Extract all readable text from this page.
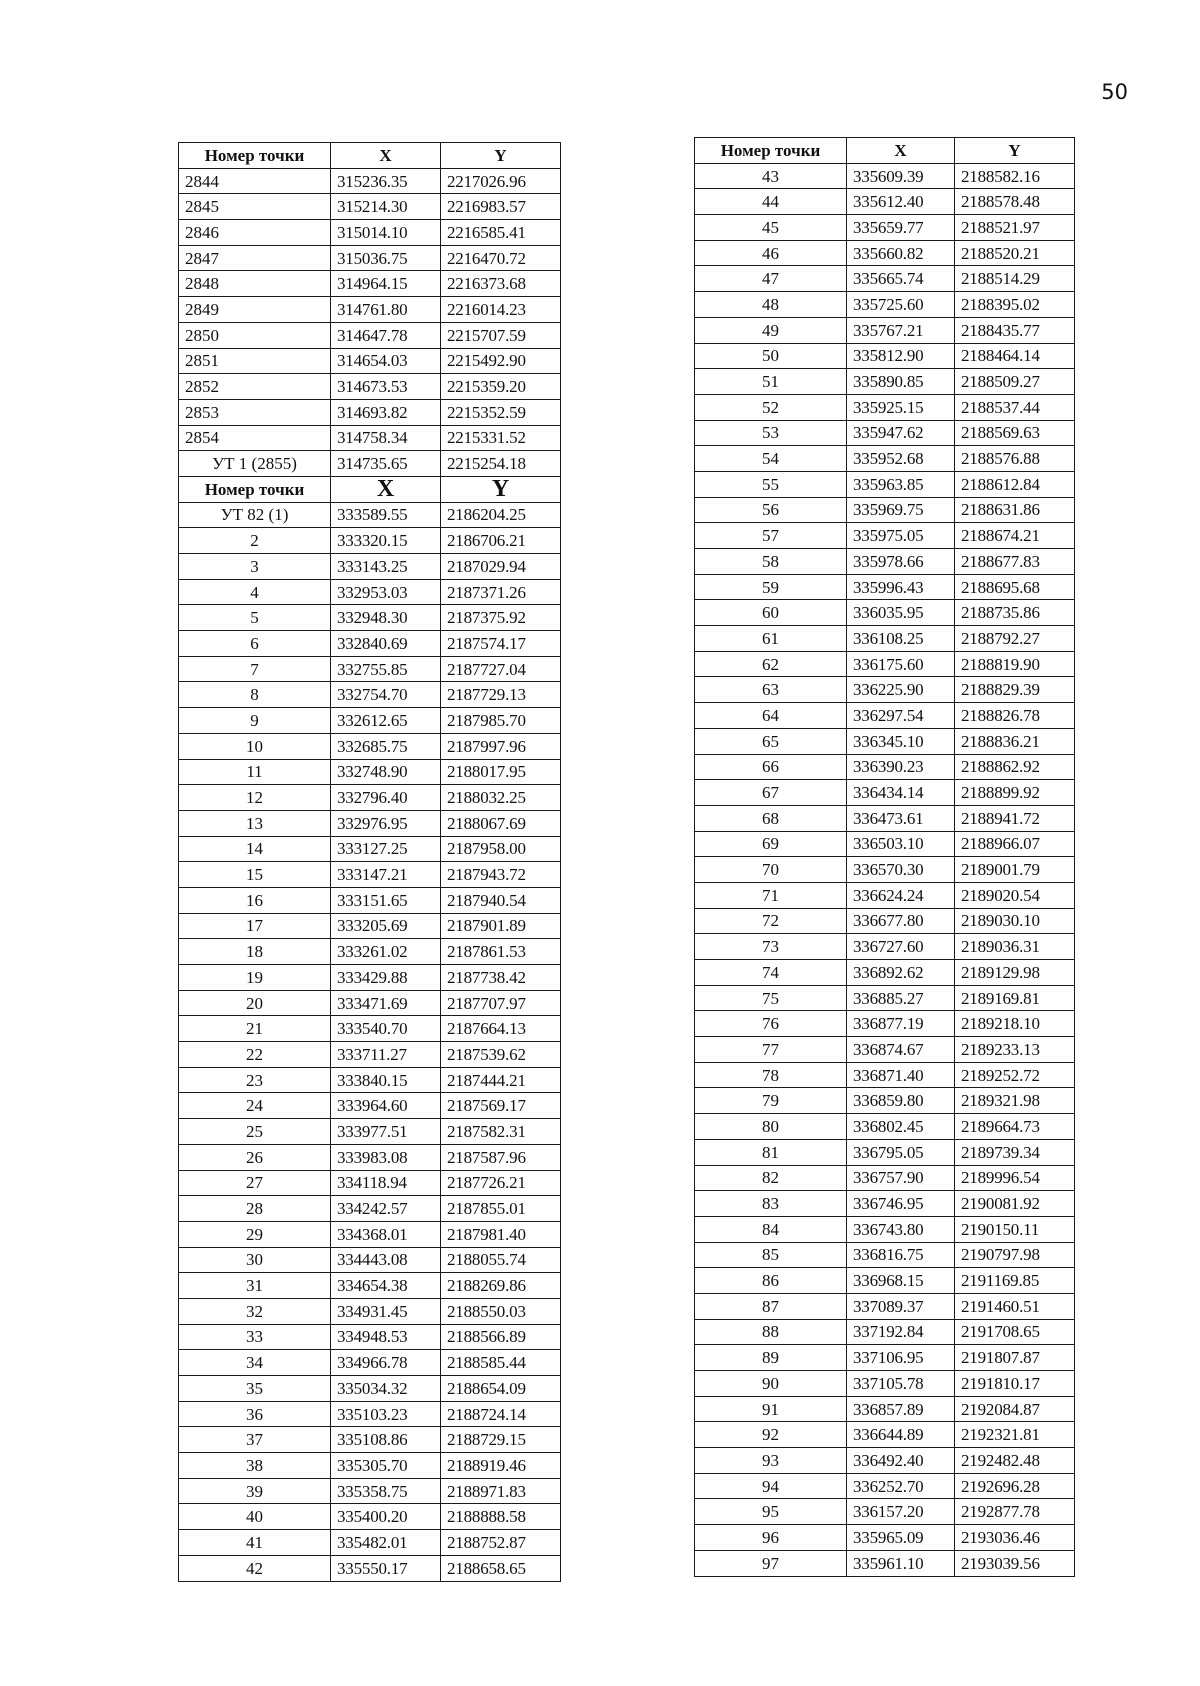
50
Номер точки	X	Y
2844	315236.35	2217026.96
2845	315214.30	2216983.57
2846	315014.10	2216585.41
2847	315036.75	2216470.72
2848	314964.15	2216373.68
2849	314761.80	2216014.23
2850	314647.78	2215707.59
2851	314654.03	2215492.90
2852	314673.53	2215359.20
2853	314693.82	2215352.59
2854	314758.34	2215331.52
УТ 1 (2855)	314735.65	2215254.18
Номер точки	X	Y
УТ 82 (1)	333589.55	2186204.25
2	333320.15	2186706.21
3	333143.25	2187029.94
4	332953.03	2187371.26
5	332948.30	2187375.92
6	332840.69	2187574.17
7	332755.85	2187727.04
8	332754.70	2187729.13
9	332612.65	2187985.70
10	332685.75	2187997.96
11	332748.90	2188017.95
12	332796.40	2188032.25
13	332976.95	2188067.69
14	333127.25	2187958.00
15	333147.21	2187943.72
16	333151.65	2187940.54
17	333205.69	2187901.89
18	333261.02	2187861.53
19	333429.88	2187738.42
20	333471.69	2187707.97
21	333540.70	2187664.13
22	333711.27	2187539.62
23	333840.15	2187444.21
24	333964.60	2187569.17
25	333977.51	2187582.31
26	333983.08	2187587.96
27	334118.94	2187726.21
28	334242.57	2187855.01
29	334368.01	2187981.40
30	334443.08	2188055.74
31	334654.38	2188269.86
32	334931.45	2188550.03
33	334948.53	2188566.89
34	334966.78	2188585.44
35	335034.32	2188654.09
36	335103.23	2188724.14
37	335108.86	2188729.15
38	335305.70	2188919.46
39	335358.75	2188971.83
40	335400.20	2188888.58
41	335482.01	2188752.87
42	335550.17	2188658.65
Номер точки	X	Y
43	335609.39	2188582.16
44	335612.40	2188578.48
45	335659.77	2188521.97
46	335660.82	2188520.21
47	335665.74	2188514.29
48	335725.60	2188395.02
49	335767.21	2188435.77
50	335812.90	2188464.14
51	335890.85	2188509.27
52	335925.15	2188537.44
53	335947.62	2188569.63
54	335952.68	2188576.88
55	335963.85	2188612.84
56	335969.75	2188631.86
57	335975.05	2188674.21
58	335978.66	2188677.83
59	335996.43	2188695.68
60	336035.95	2188735.86
61	336108.25	2188792.27
62	336175.60	2188819.90
63	336225.90	2188829.39
64	336297.54	2188826.78
65	336345.10	2188836.21
66	336390.23	2188862.92
67	336434.14	2188899.92
68	336473.61	2188941.72
69	336503.10	2188966.07
70	336570.30	2189001.79
71	336624.24	2189020.54
72	336677.80	2189030.10
73	336727.60	2189036.31
74	336892.62	2189129.98
75	336885.27	2189169.81
76	336877.19	2189218.10
77	336874.67	2189233.13
78	336871.40	2189252.72
79	336859.80	2189321.98
80	336802.45	2189664.73
81	336795.05	2189739.34
82	336757.90	2189996.54
83	336746.95	2190081.92
84	336743.80	2190150.11
85	336816.75	2190797.98
86	336968.15	2191169.85
87	337089.37	2191460.51
88	337192.84	2191708.65
89	337106.95	2191807.87
90	337105.78	2191810.17
91	336857.89	2192084.87
92	336644.89	2192321.81
93	336492.40	2192482.48
94	336252.70	2192696.28
95	336157.20	2192877.78
96	335965.09	2193036.46
97	335961.10	2193039.56
